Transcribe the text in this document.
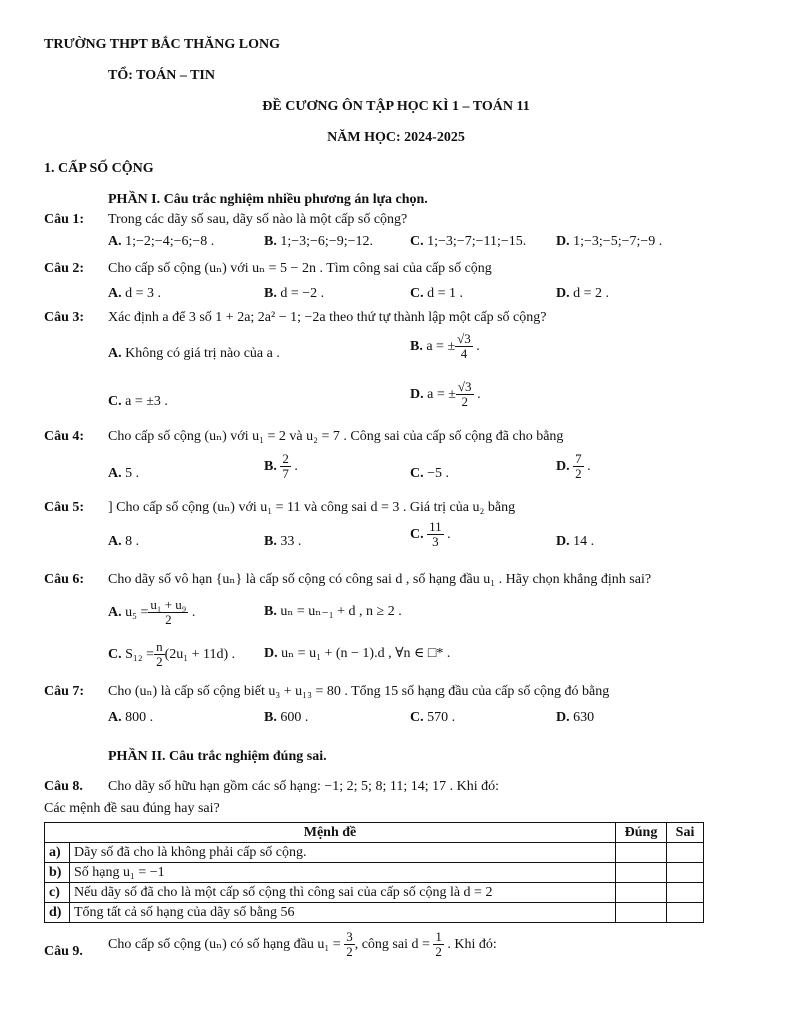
TRƯỜNG THPT BẮC THĂNG LONG
TỔ: TOÁN – TIN
ĐỀ CƯƠNG ÔN TẬP HỌC KÌ 1 – TOÁN 11
NĂM HỌC: 2024-2025
1. CẤP SỐ CỘNG
PHẦN I. Câu trắc nghiệm nhiều phương án lựa chọn.
Câu 1: Trong các dãy số sau, dãy số nào là một cấp số cộng?
A. 1;−2;−4;−6;−8 .	B. 1;−3;−6;−9;−12.	C. 1;−3;−7;−11;−15. D. 1;−3;−5;−7;−9 .
Câu 2: Cho cấp số cộng (uₙ) với uₙ = 5 − 2n . Tìm công sai của cấp số cộng
A. d = 3 .	B. d = −2 .	C. d = 1 .	D. d = 2 .
Câu 3: Xác định a để 3 số 1 + 2a; 2a² − 1; −2a theo thứ tự thành lập một cấp số cộng?
A. Không có giá trị nào của a .	B. a = ± $\frac{√3}{4}$ .
C. a = ±3 .	D. a = ± $\frac{√3}{2}$ .
Câu 4: Cho cấp số cộng (uₙ) với u₁ = 2 và u₂ = 7 . Công sai của cấp số cộng đã cho bằng
A. 5 .	B. $\frac{2}{7}$ .	C. −5 .	D. $\frac{7}{2}$ .
Câu 5: ] Cho cấp số cộng (uₙ) với u₁ = 11 và công sai d = 3 . Giá trị của u₂ bằng
A. 8 .	B. 33 .	C. $\frac{11}{3}$ .	D. 14 .
Câu 6: Cho dãy số vô hạn {uₙ} là cấp số cộng có công sai d , số hạng đầu u₁ . Hãy chọn khẳng định sai?
A. $u_5 = \frac{\text{u₁ + u₉}}{2}$ .	B. uₙ = uₙ₋₁ + d , n ≥ 2 .
C. $S_{12} = \frac{n}{2} (2u_1 + 11d)$ . D. uₙ = u₁ + (n − 1).d , ∀n ∈ □* .
Câu 7: Cho (uₙ) là cấp số cộng biết u₃ + u₁₃ = 80 . Tổng 15 số hạng đầu của cấp số cộng đó bằng
A. 800 .	B. 600 .	C. 570 .	D. 630
PHẦN II. Câu trắc nghiệm đúng sai.
Câu 8. Cho dãy số hữu hạn gồm các số hạng: −1; 2; 5; 8; 11; 14; 17 . Khi đó:
Các mệnh đề sau đúng hay sai?
Mệnh đề		Đúng	Sai
a)	Dãy số đã cho là không phải cấp số cộng.		
b)	Số hạng u₁ = −1		
c)	Nếu dãy số đã cho là một cấp số cộng thì công sai của cấp số cộng là d = 2		
d)	Tổng tất cả số hạng của dãy số bằng 56		
Câu 9. Cho cấp số cộng (uₙ) có số hạng đầu $u_1 = \frac{3}{2}$ , công sai $d = \frac{1}{2}$ . Khi đó:
